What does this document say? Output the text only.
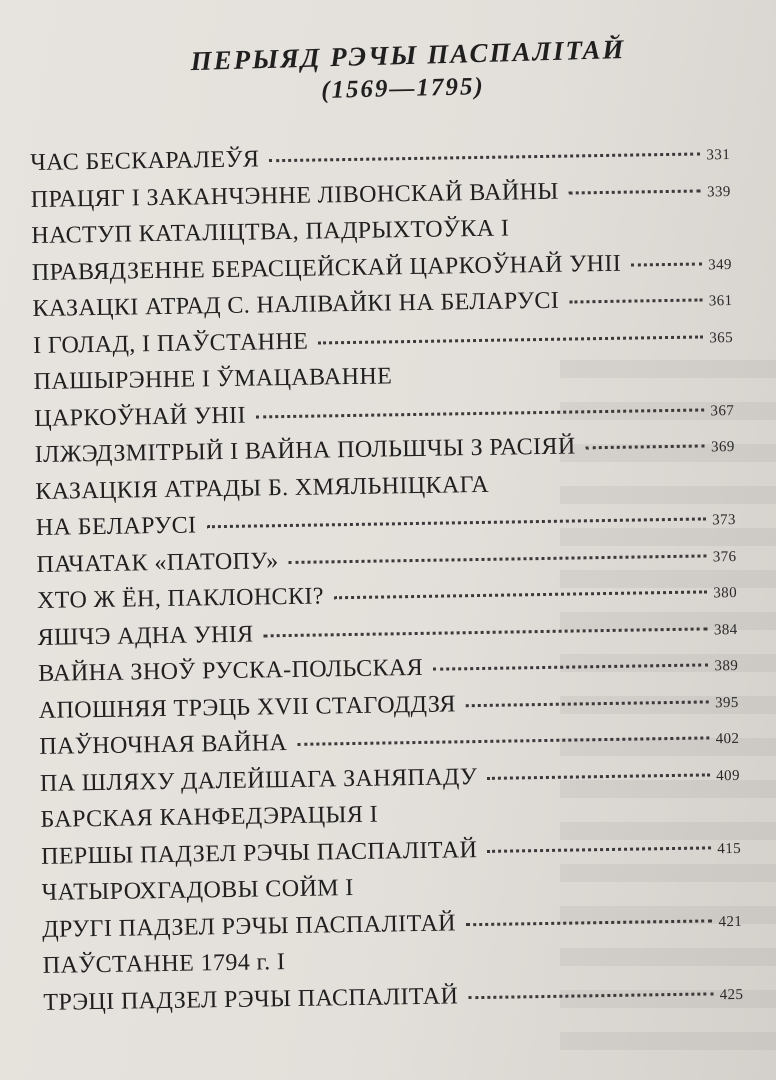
ПЕРЫЯД РЭЧЫ ПАСПАЛІТАЙ
(1569—1795)
ЧАС БЕСКАРАЛЕЎЯ	331
ПРАЦЯГ І ЗАКАНЧЭННЕ ЛІВОНСКАЙ ВАЙНЫ	339
НАСТУП КАТАЛІЦТВА, ПАДРЫХТОЎКА І
ПРАВЯДЗЕННЕ БЕРАСЦЕЙСКАЙ ЦАРКОЎНАЙ УНІІ	349
КАЗАЦКІ АТРАД С. НАЛІВАЙКІ НА БЕЛАРУСІ	361
І ГОЛАД, І ПАЎСТАННЕ	365
ПАШЫРЭННЕ І ЎМАЦАВАННЕ
ЦАРКОЎНАЙ УНІІ	367
ІЛЖЭДЗМІТРЫЙ І ВАЙНА ПОЛЬШЧЫ З РАСІЯЙ	369
КАЗАЦКІЯ АТРАДЫ Б. ХМЯЛЬНІЦКАГА
НА БЕЛАРУСІ	373
ПАЧАТАК «ПАТОПУ»	376
ХТО Ж ЁН, ПАКЛОНСКІ?	380
ЯШЧЭ АДНА УНІЯ	384
ВАЙНА ЗНОЎ РУСКА-ПОЛЬСКАЯ	389
АПОШНЯЯ ТРЭЦЬ XVII СТАГОДДЗЯ	395
ПАЎНОЧНАЯ ВАЙНА	402
ПА ШЛЯХУ ДАЛЕЙШАГА ЗАНЯПАДУ	409
БАРСКАЯ КАНФЕДЭРАЦЫЯ І
ПЕРШЫ ПАДЗЕЛ РЭЧЫ ПАСПАЛІТАЙ	415
ЧАТЫРОХГАДОВЫ СОЙМ І
ДРУГІ ПАДЗЕЛ РЭЧЫ ПАСПАЛІТАЙ	421
ПАЎСТАННЕ 1794 г. І
ТРЭЦІ ПАДЗЕЛ РЭЧЫ ПАСПАЛІТАЙ	425
